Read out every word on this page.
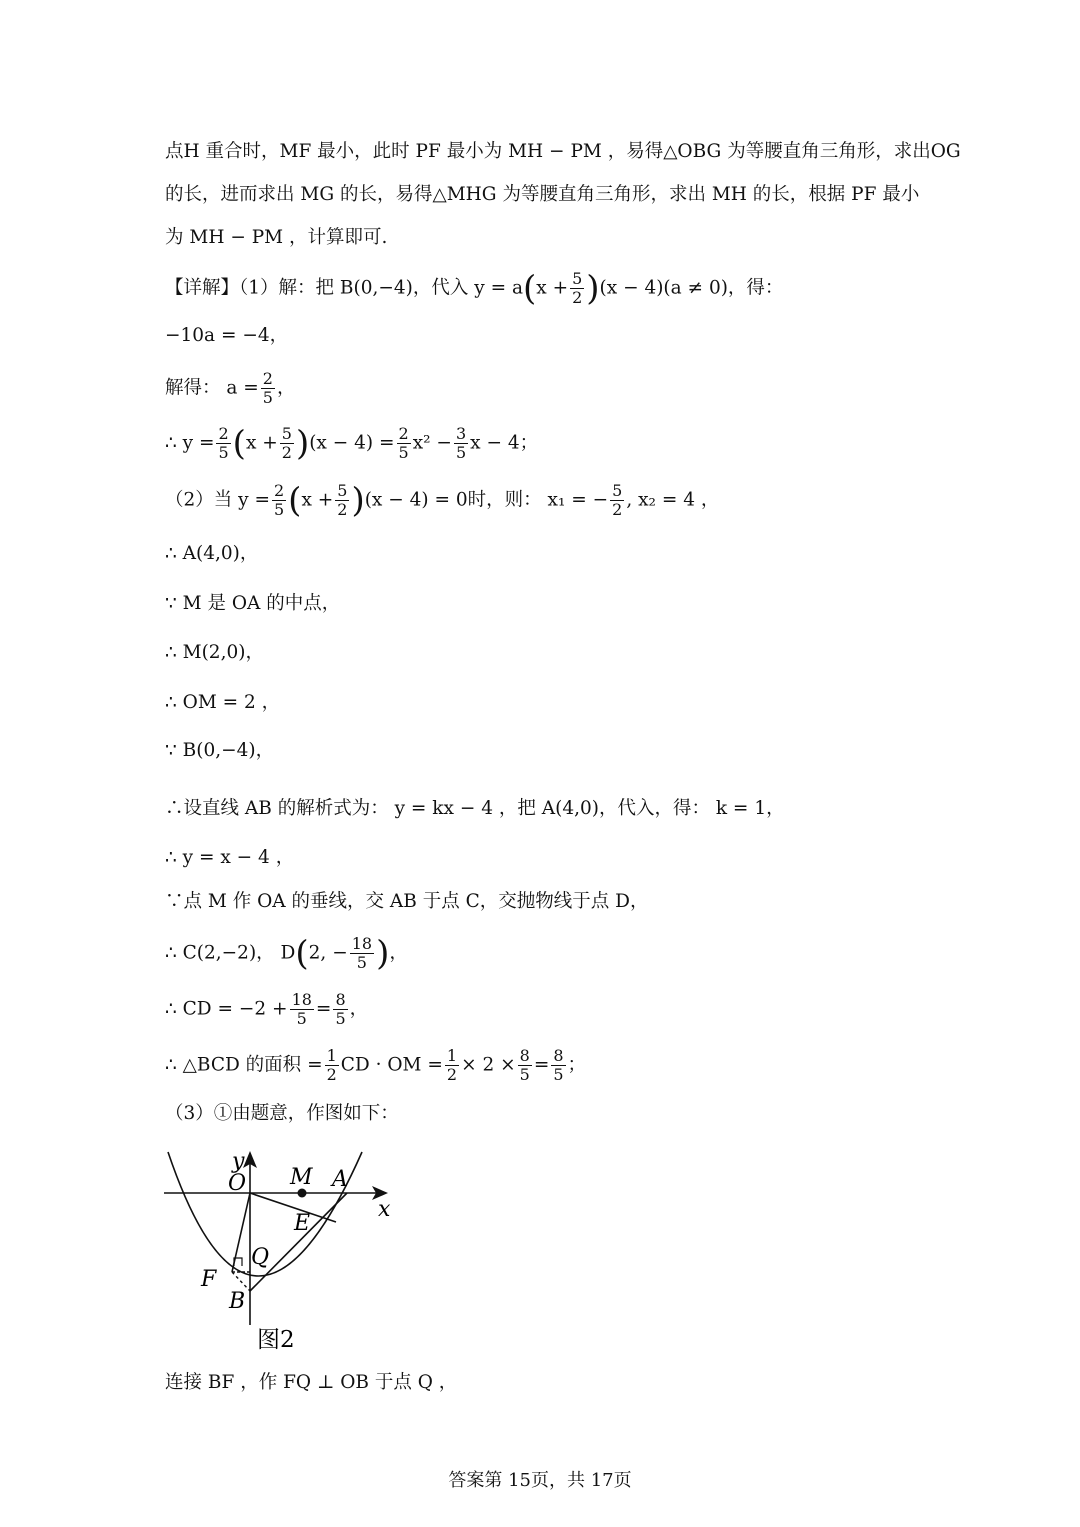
点H 重合时，MF 最小，此时 PF 最小为 MH − PM ，易得△OBG 为等腰直角三角形，求出OG
的长，进而求出 MG 的长，易得△MHG 为等腰直角三角形，求出 MH 的长，根据 PF 最小
为 MH − PM ，计算即可.
【详解】（1）解：把 B(0,−4)，代入 $y = a(x + \frac{5}{2} )(x - 4)(a \ne 0)$，得：
−10a = −4，
解得： $a = \frac{2}{5}$ ，
∴ $y = \frac{2}{5} (x + \frac{5}{2} )(x - 4) = \frac{2}{5} x^2 - \frac{3}{5}$ x − 4；
（2）当 $y = \frac{2}{5} (x + \frac{5}{2} )(x - 4) = 0$时，则： x₁ = − $\frac{5}{2}$ , x₂ = 4 ，
∴ A(4,0)，
∵ M 是 OA 的中点，
∴ M(2,0)，
∴ OM = 2 ，
∵ B(0,−4)，
∴设直线 AB 的解析式为： y = kx − 4 ，把 A(4,0)，代入，得： k = 1，
∴ y = x − 4 ，
∵点 M 作 OA 的垂线，交 AB 于点 C，交抛物线于点 D，
∴ C(2,−2)， D(2, − $\frac{18}{5}$ )，
∴ CD = $-2 + \frac{18}{5} = \frac{8}{5}$ ，
∴ △BCD 的面积 = $\frac{1}{2}$ CD · OM = $\frac{1}{2} \times 2 \times \frac{8}{5} = \frac{8}{5}$ ；
（3）①由题意，作图如下：
y
x
O M A
E
Q
F
B
图2
连接 BF ，作 FQ ⊥ OB 于点 Q ，
答案第 15页，共 17页
